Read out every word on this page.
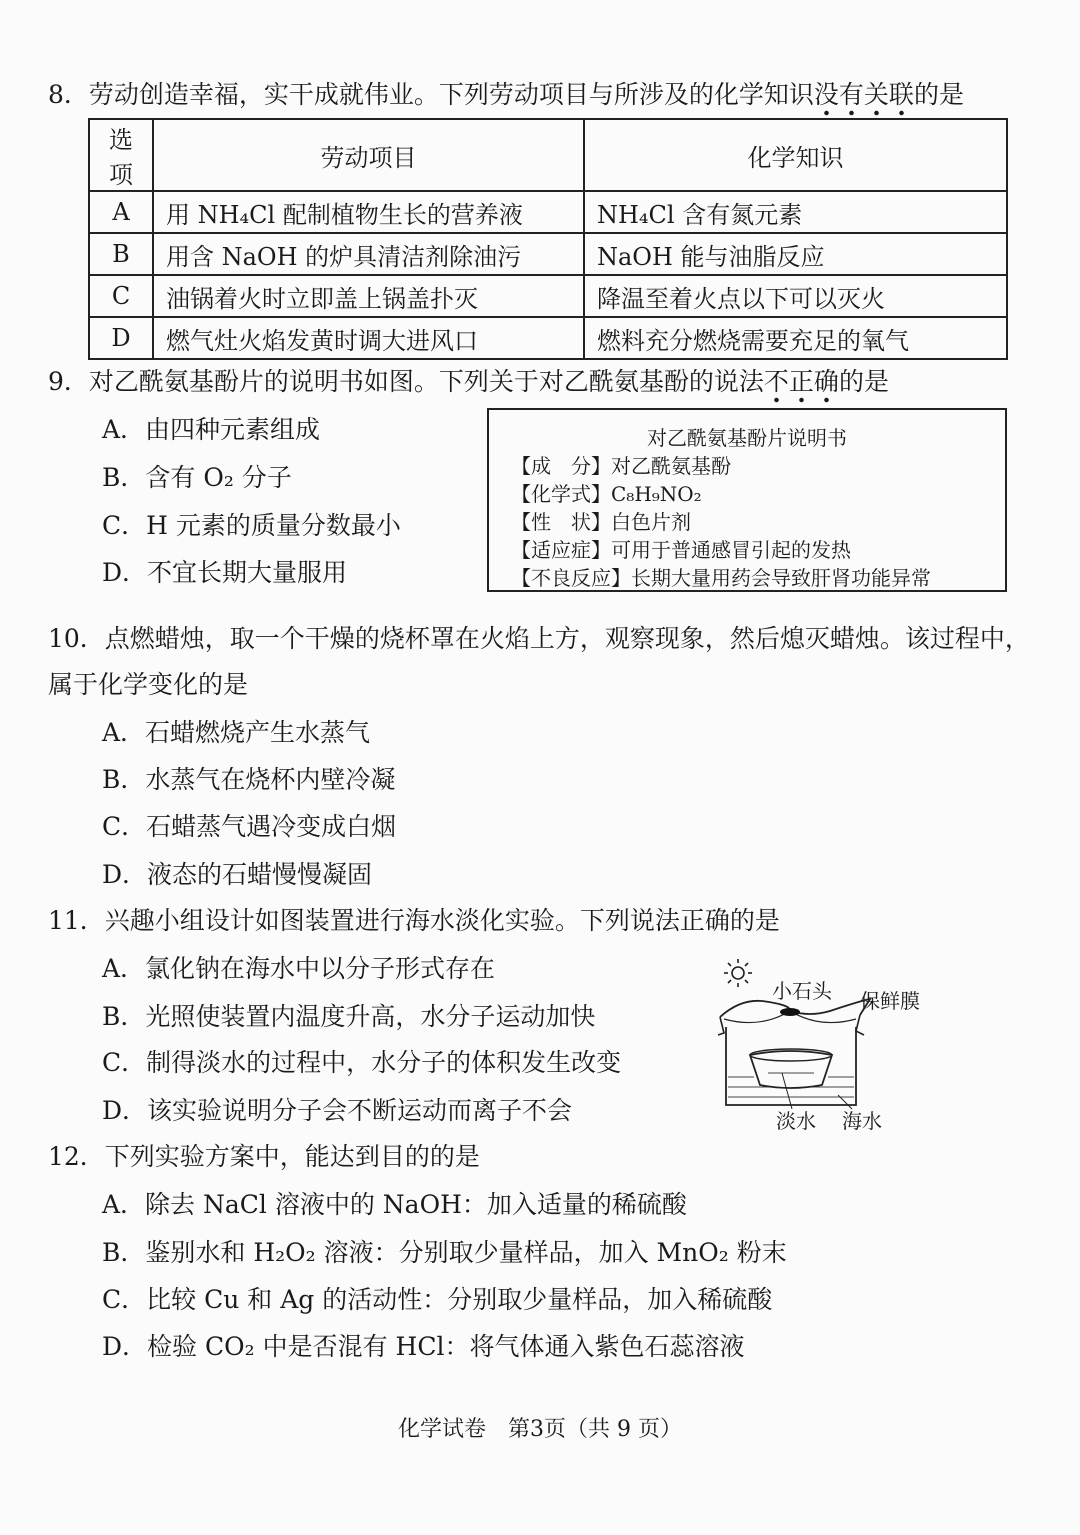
8．劳动创造幸福，实干成就伟业。下列劳动项目与所涉及的化学知识没有关联的是
选项	劳动项目	化学知识
A	用 NH₄Cl 配制植物生长的营养液	NH₄Cl 含有氮元素
B	用含 NaOH 的炉具清洁剂除油污	NaOH 能与油脂反应
C	油锅着火时立即盖上锅盖扑灭	降温至着火点以下可以灭火
D	燃气灶火焰发黄时调大进风口	燃料充分燃烧需要充足的氧气
9．对乙酰氨基酚片的说明书如图。下列关于对乙酰氨基酚的说法不正确的是
A．由四种元素组成
B．含有 O₂ 分子
C．H 元素的质量分数最小
D．不宜长期大量服用
对乙酰氨基酚片说明书
【成　分】对乙酰氨基酚
【化学式】C₈H₉NO₂
【性　状】白色片剂
【适应症】可用于普通感冒引起的发热
【不良反应】长期大量用药会导致肝肾功能异常
10．点燃蜡烛，取一个干燥的烧杯罩在火焰上方，观察现象，然后熄灭蜡烛。该过程中，
属于化学变化的是
A．石蜡燃烧产生水蒸气
B．水蒸气在烧杯内壁冷凝
C．石蜡蒸气遇冷变成白烟
D．液态的石蜡慢慢凝固
11．兴趣小组设计如图装置进行海水淡化实验。下列说法正确的是
A．氯化钠在海水中以分子形式存在
B．光照使装置内温度升高，水分子运动加快
C．制得淡水的过程中，水分子的体积发生改变
D．该实验说明分子会不断运动而离子不会
小石头 保鲜膜
淡水 海水
12．下列实验方案中，能达到目的的是
A．除去 NaCl 溶液中的 NaOH：加入适量的稀硫酸
B．鉴别水和 H₂O₂ 溶液：分别取少量样品，加入 MnO₂ 粉末
C．比较 Cu 和 Ag 的活动性：分别取少量样品，加入稀硫酸
D．检验 CO₂ 中是否混有 HCl：将气体通入紫色石蕊溶液
化学试卷　第3页（共 9 页）
